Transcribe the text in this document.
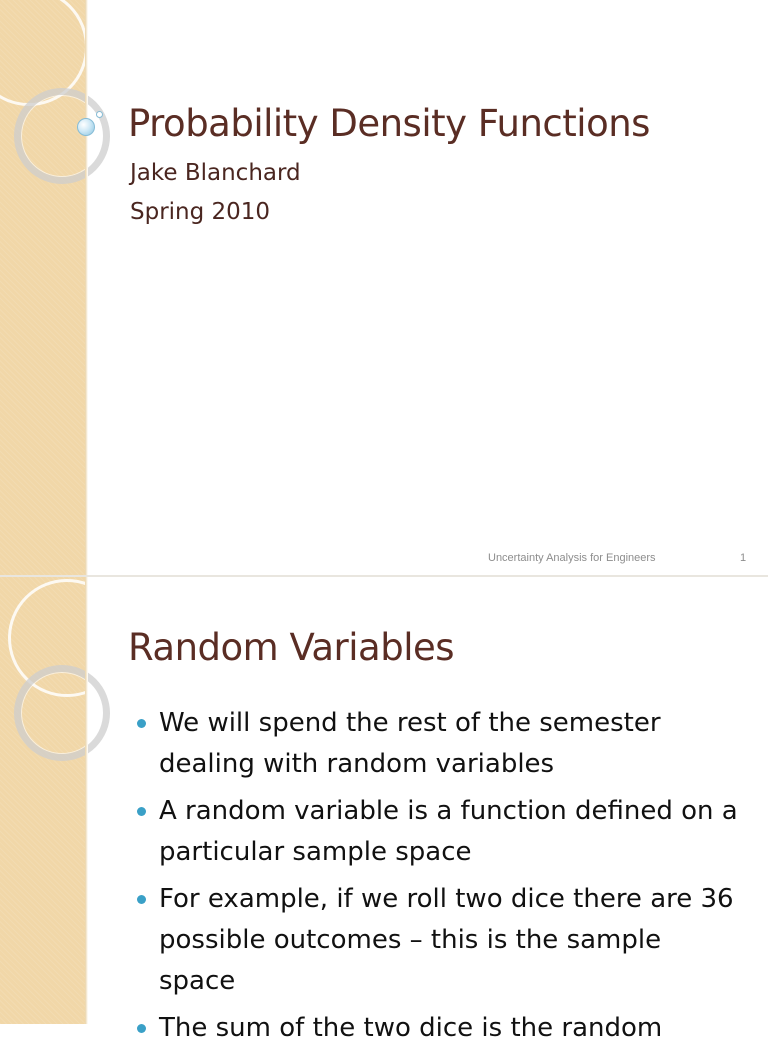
Probability Density Functions

Jake Blanchard

Spring 2010

Uncertainty Analysis for Engineers	1

Random Variables
We will spend the rest of the semester dealing with random variables
A random variable is a function defined on a particular sample space
For example, if we roll two dice there are 36 possible outcomes – this is the sample space
The sum of the two dice is the random
